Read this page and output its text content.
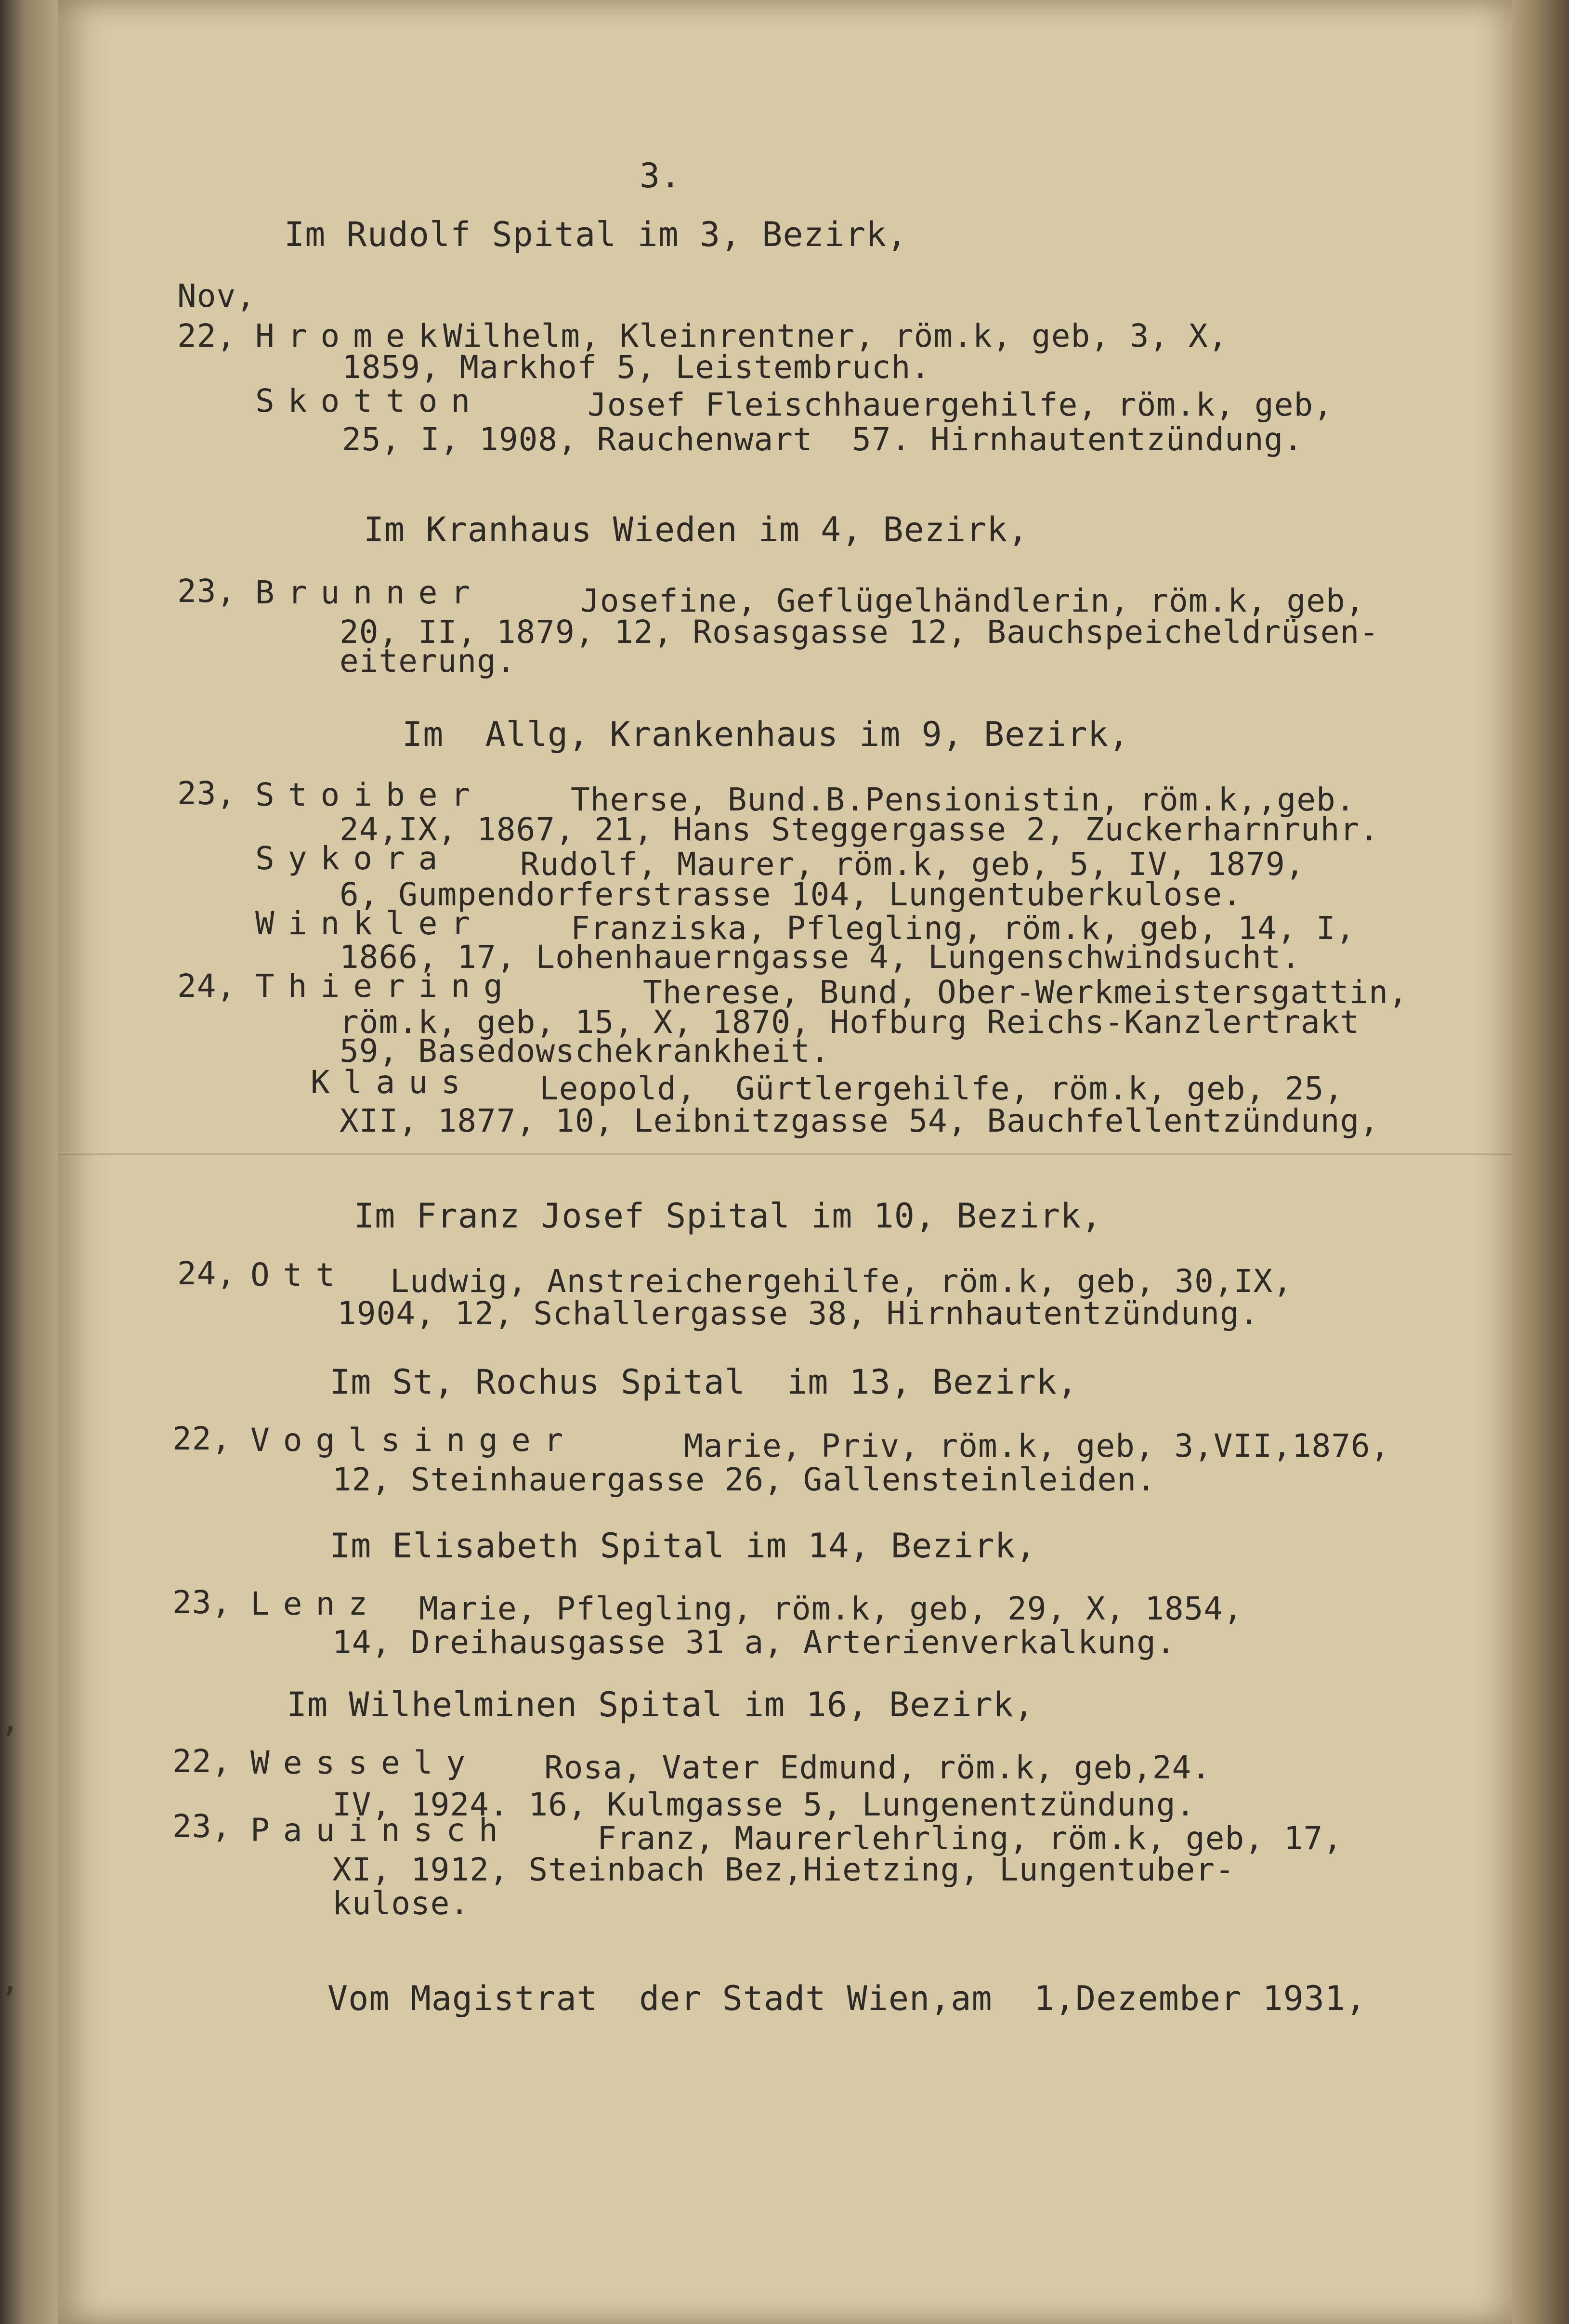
,
,
3.
Im Rudolf Spital im 3, Bezirk,
Nov,
22, Hromek
Wilhelm, Kleinrentner, röm.k, geb, 3, X,
1859, Markhof 5, Leistembruch.
Skotton	Josef Fleischhauergehilfe, röm.k, geb,
25, I, 1908, Rauchenwart  57. Hirnhautentzündung.
Im Kranhaus Wieden im 4, Bezirk,
23, Brunner	Josefine, Geflügelhändlerin, röm.k, geb,
20, II, 1879, 12, Rosasgasse 12, Bauchspeicheldrüsen-
eiterung.
Im  Allg, Krankenhaus im 9, Bezirk,
23, Stoiber	Therse, Bund.B.Pensionistin, röm.k,,geb.
24,IX, 1867, 21, Hans Steggergasse 2, Zuckerharnruhr.
Sykora Rudolf, Maurer, röm.k, geb, 5, IV, 1879,
6, Gumpendorferstrasse 104, Lungentuberkulose.
Winkler	Franziska, Pflegling, röm.k, geb, 14, I,
1866, 17, Lohenhauerngasse 4, Lungenschwindsucht.
24, Thiering	Therese, Bund, Ober-Werkmeistersgattin,
röm.k, geb, 15, X, 1870, Hofburg Reichs-Kanzlertrakt
59, Basedowschekrankheit.
Klaus Leopold,  Gürtlergehilfe, röm.k, geb, 25,
XII, 1877, 10, Leibnitzgasse 54, Bauchfellentzündung,
Im Franz Josef Spital im 10, Bezirk,
24, Ott Ludwig, Anstreichergehilfe, röm.k, geb, 30,IX,
1904, 12, Schallergasse 38, Hirnhautentzündung.
Im St, Rochus Spital  im 13, Bezirk,
22, Voglsinger	Marie, Priv, röm.k, geb, 3,VII,1876,
12, Steinhauergasse 26, Gallensteinleiden.
Im Elisabeth Spital im 14, Bezirk,
23, Lenz Marie, Pflegling, röm.k, geb, 29, X, 1854,
14, Dreihausgasse 31 a, Arterienverkalkung.
Im Wilhelminen Spital im 16, Bezirk,
22, Wessely Rosa, Vater Edmund, röm.k, geb,24.
IV, 1924. 16, Kulmgasse 5, Lungenentzündung.
23, Pauinsch	Franz, Maurerlehrling, röm.k, geb, 17,
XI, 1912, Steinbach Bez,Hietzing, Lungentuber-
kulose.
Vom Magistrat  der Stadt Wien,am  1,Dezember 1931,
